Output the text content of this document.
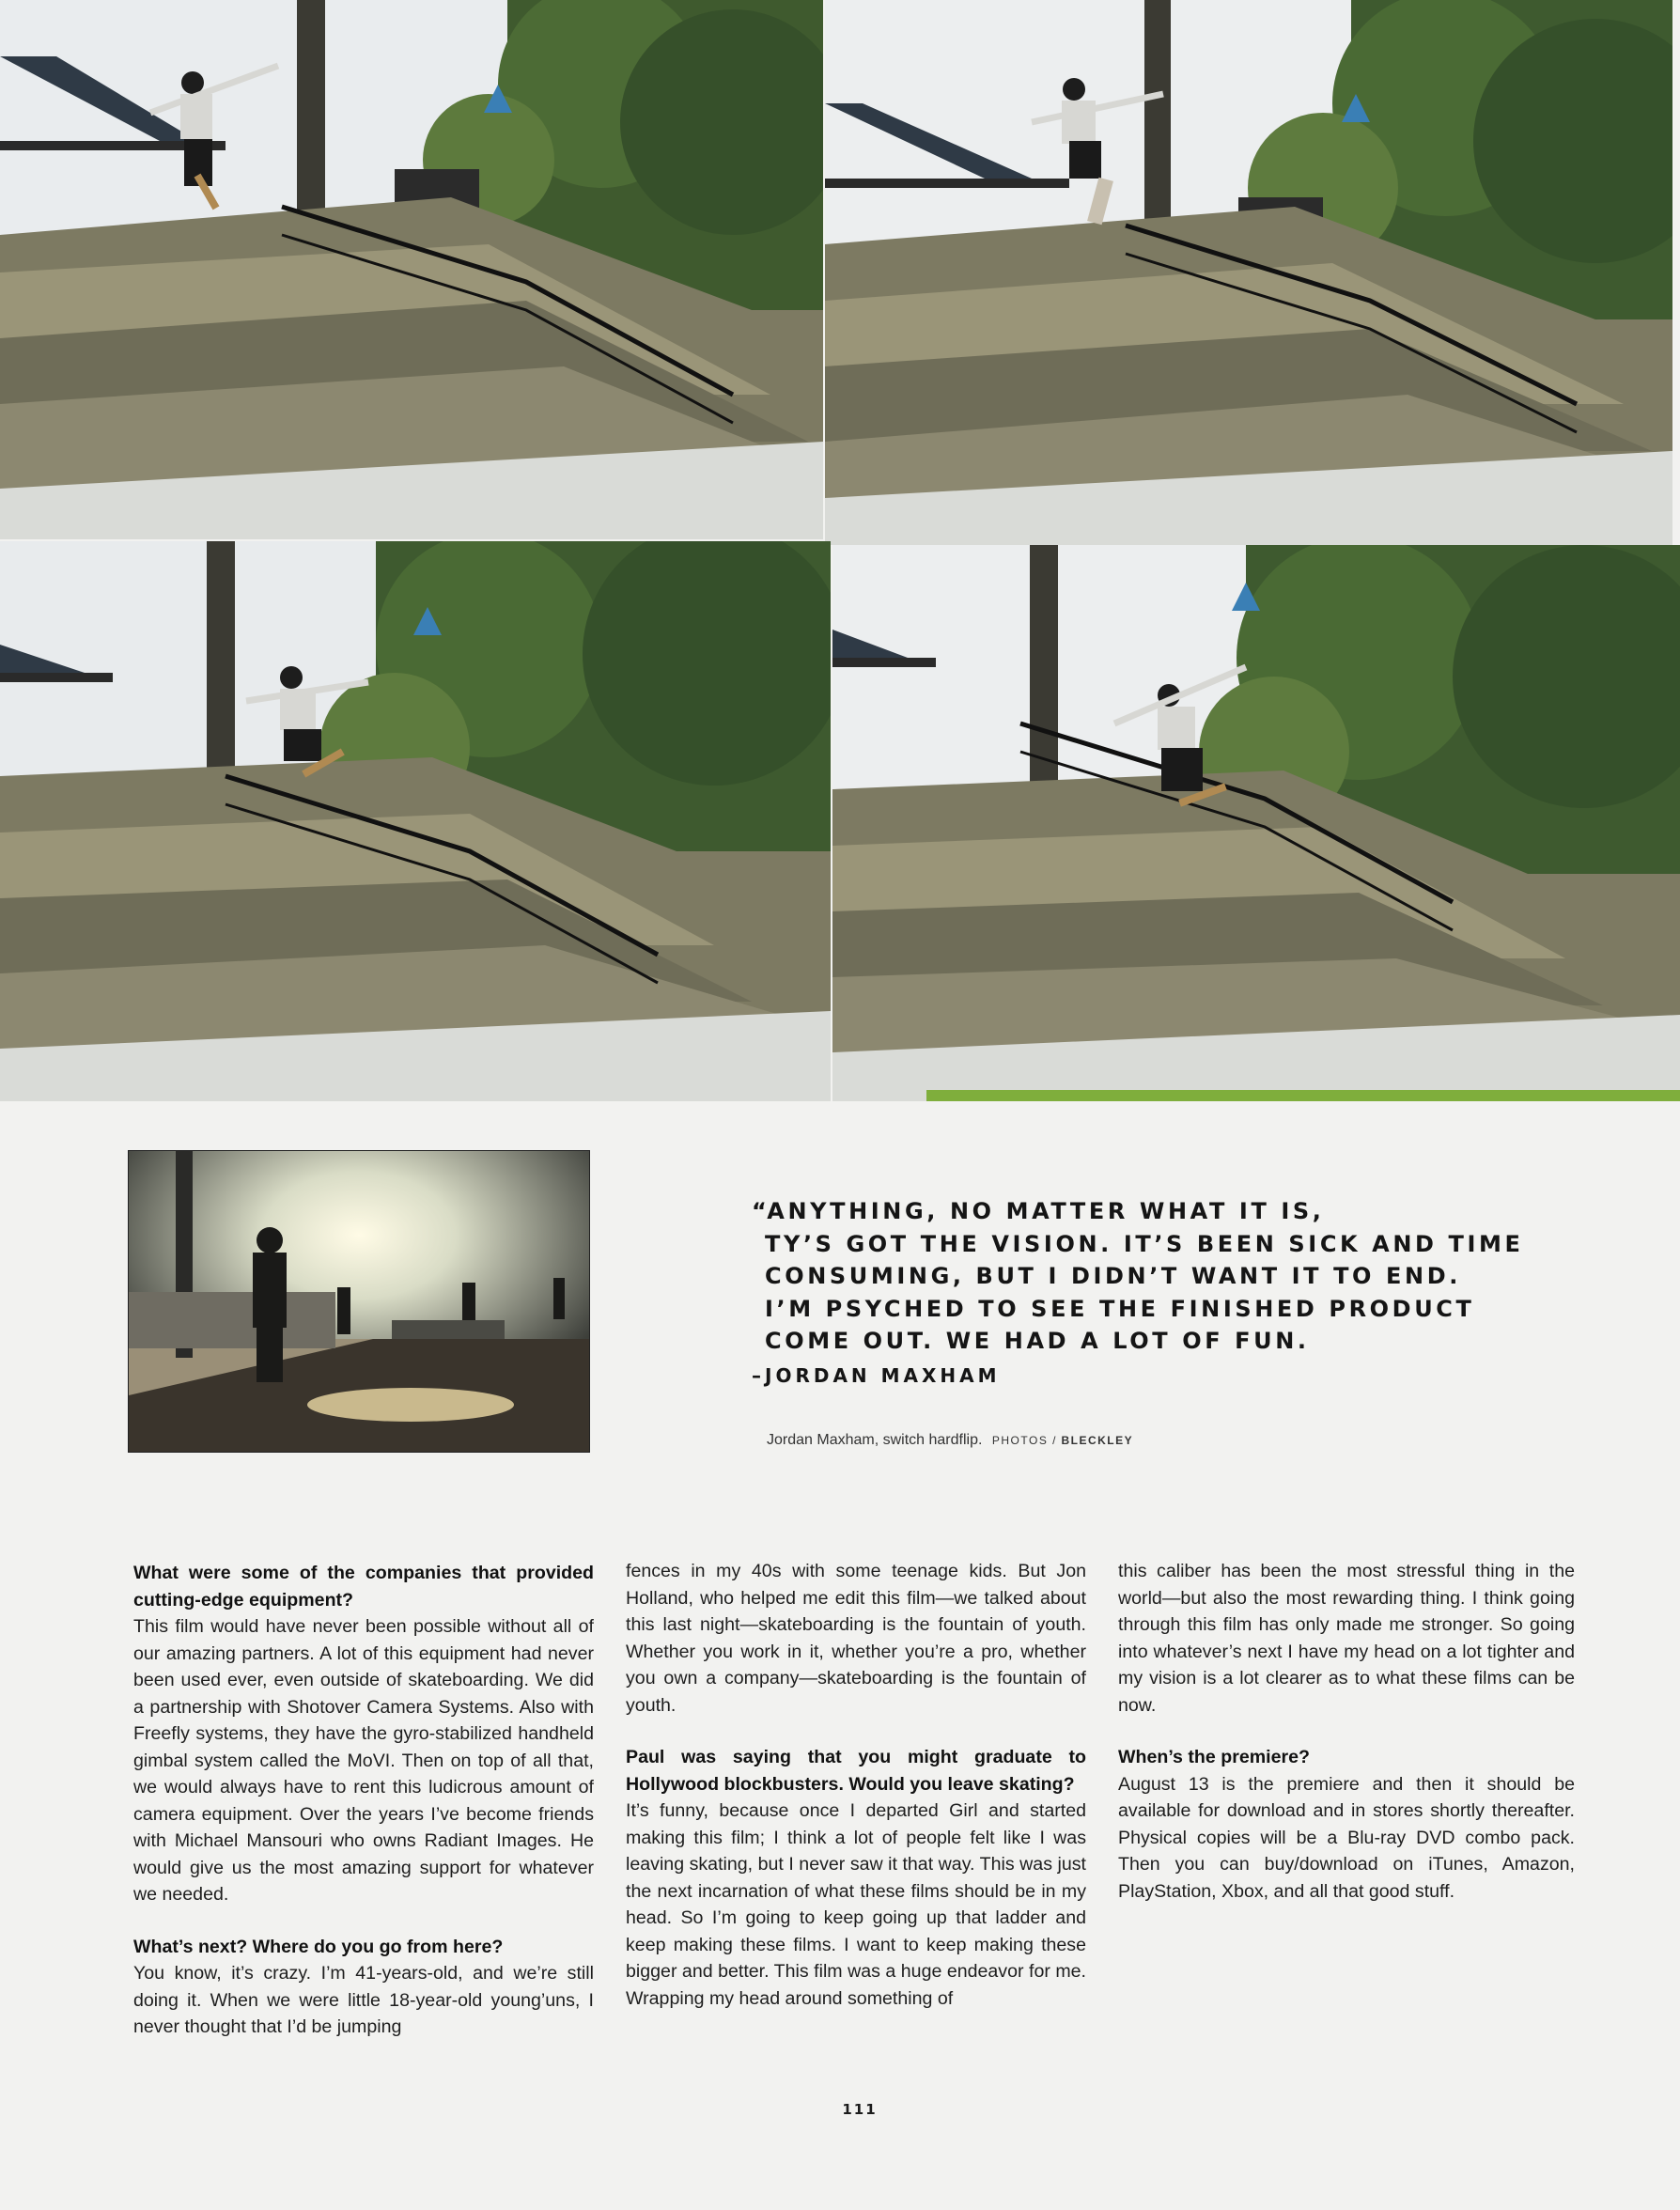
“ANYTHING, NO MATTER WHAT IT IS,
TY’S GOT THE VISION. IT’S BEEN SICK AND TIME
CONSUMING, BUT I DIDN’T WANT IT TO END.
I’M PSYCHED TO SEE THE FINISHED PRODUCT
COME OUT. WE HAD A LOT OF FUN.
–JORDAN MAXHAM
Jordan Maxham, switch hardflip. PHOTOS / BLECKLEY
What were some of the companies that provided cutting-edge equipment?
This film would have never been possible without all of our amazing partners. A lot of this equipment had never been used ever, even outside of skateboarding. We did a partnership with Shotover Camera Systems. Also with Freefly systems, they have the gyro-stabilized handheld gimbal system called the MoVI. Then on top of all that, we would always have to rent this ludicrous amount of camera equipment. Over the years I’ve become friends with Michael Mansouri who owns Radiant Images. He would give us the most amazing support for whatever we needed.
What’s next? Where do you go from here?
You know, it’s crazy. I’m 41-years-old, and we’re still doing it. When we were little 18-year-old young’uns, I never thought that I’d be jumping
fences in my 40s with some teenage kids. But Jon Holland, who helped me edit this film—we talked about this last night—skateboarding is the fountain of youth. Whether you work in it, whether you’re a pro, whether you own a company—skateboarding is the fountain of youth.
Paul was saying that you might graduate to Hollywood blockbusters. Would you leave skating?
It’s funny, because once I departed Girl and started making this film; I think a lot of people felt like I was leaving skating, but I never saw it that way. This was just the next incarnation of what these films should be in my head. So I’m going to keep going up that ladder and keep making these films. I want to keep making these bigger and better. This film was a huge endeavor for me. Wrapping my head around something of
this caliber has been the most stressful thing in the world—but also the most rewarding thing. I think going through this film has only made me stronger. So going into whatever’s next I have my head on a lot tighter and my vision is a lot clearer as to what these films can be now.
When’s the premiere?
August 13 is the premiere and then it should be available for download and in stores shortly thereafter. Physical copies will be a Blu-ray DVD combo pack. Then you can buy/download on iTunes, Amazon, PlayStation, Xbox, and all that good stuff.
111
